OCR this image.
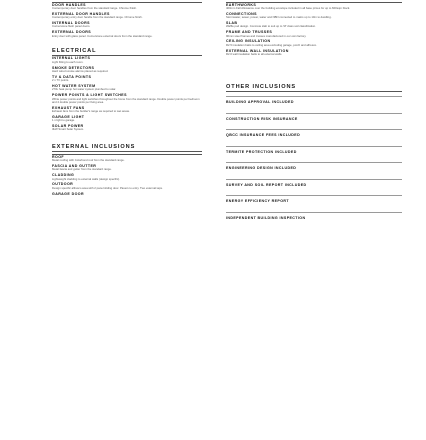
DOOR HANDLES
Contemporary door handles from the standard range. Chrome finish.
EXTERNAL DOOR HANDLES
Contemporary entry door handle from the standard range. Chrome finish.
INTERNAL DOORS
Cornerstone flush panel doors.
EXTERNAL DOORS
Entry door with glass panel. Cornerstone external doors from the standard range.
ELECTRICAL
INTERNAL LIGHTS
Light fitting to each room.
SMOKE DETECTORS
Hard wired smoke alarms placed as required.
TV & DATA POINTS
2 x TV points.
HOT WATER SYSTEM
270L heat pump hot water system plumbed to solar.
POWER POINTS & LIGHT SWITCHES
White power points and light switches throughout the home from the standard range. Double power points per bedroom and 2 double power points per living area.
EXHAUST FANS
Exhaust fans from the builder's range as required to wet areas.
GARAGE LIGHT
1 x light to garage.
SOLAR POWER
3kW Smart Solar System.
EXTERNAL INCLUSIONS
ROOF
Metal roofing with Colorbond roof from the standard range.
FASCIA AND GUTTER
Metal fascia and gutter from the standard range.
CLADDING
Lightweight cladding to external walls (design specific).
OUTDOOR
Design specific alfresco area with 2 panel sliding door. Pavers to entry. Two external taps.
GARAGE DOOR
EARTHWORKS
400mm Fall Allowance over the building envelope included in all base prices for up to 600sqm block.
CONNECTIONS
Stormwater, sewer, power, water and NBN connected to mains up to 10m to dwelling.
SLAB
Waffle pod design. Concrete slab to suit up to 'M' class soil classification.
FRAME AND TRUSSES
90mm steel frames and trusses manufactured in our own factory.
CEILING INSULATION
R2.5 insulation batts to ceiling area excluding garage, porch and alfresco.
EXTERNAL WALL INSULATION
R2.0 wall insulation batts to all external walls.
OTHER INCLUSIONS
BUILDING APPROVAL INCLUDED
CONSTRUCTION RISK INSURANCE
QBCC INSURANCE FEES INCLUDED
TERMITE PROTECTION INCLUDED
ENGINEERING DESIGN INCLUDED
SURVEY AND SOIL REPORT INCLUDED
ENERGY EFFICIENCY REPORT
INDEPENDENT BUILDING INSPECTION
